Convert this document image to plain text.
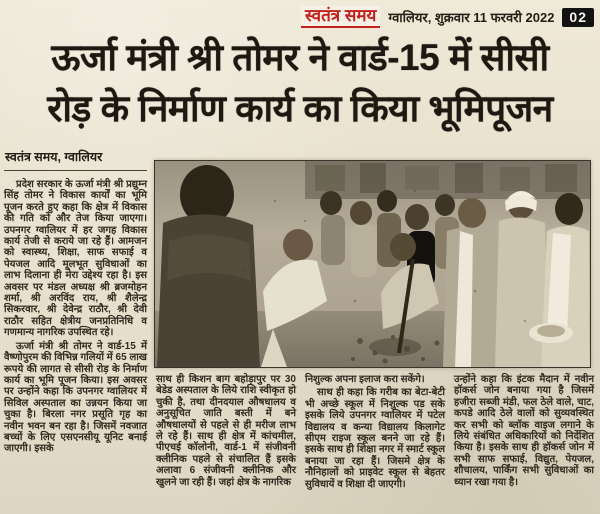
स्वतंत्र समय ग्वालियर, शुक्रवार 11 फरवरी 2022	02
ऊर्जा मंत्री श्री तोमर ने वार्ड-15 में सीसी
रोड़ के निर्माण कार्य का किया भूमिपूजन
स्वतंत्र समय, ग्वालियर

प्रदेश सरकार के ऊर्जा मंत्री श्री प्रद्युम्न सिंह तोमर ने विकास कार्यों का भूमि पूजन करते हुए कहा कि क्षेत्र में विकास की गति को और तेज किया जाएगा। उपनगर ग्वालियर में हर जगह विकास कार्य तेजी से कराये जा रहे हैं। आमजन को स्वास्थ्य, शिक्षा, साफ सफाई व पेयजल आदि मूलभूत सुविधाओं का लाभ दिलाना ही मेरा उद्देश्य रहा है। इस अवसर पर मंडल अध्यक्ष श्री ब्रजमोहन शर्मा, श्री अरविंद राय, श्री शैलेन्द्र सिकरवार, श्री देवेन्द्र राठौर, श्री देवी राठौर सहित क्षेत्रीय जनप्रतिनिधि व गणमान्य नागरिक उपस्थित रहे।

ऊर्जा मंत्री श्री तोमर ने वार्ड-15 में वैष्णोपुरम की विभिन्न गलियों में 65 लाख रूपये की लागत से सीसी रोड़ के निर्माण कार्य का भूमि पूजन किया। इस अवसर पर उन्होंने कहा कि उपनगर ग्वालियर में सिविल अस्पताल का उन्नयन किया जा चुका है। बिरला नगर प्रसूति गृह का नवीन भवन बन रहा है। जिसमें नवजात बच्चों के लिए एसएनसीयू यूनिट बनाई जाएगी। इसके

साथ ही किशन बाग बहोड़ापुर पर 30 बेडेड अस्पताल के लिये राशि स्वीकृत हो चुकी है, तथा दीनदयाल औषधालय व अनुसूचित जाति बस्ती में बने औषधालयों से पहले से ही मरीज लाभ ले रहे हैं। साथ ही क्षेत्र में कांचमील, पीएचई कॉलोनी, वार्ड-1 में संजीवनी क्लीनिक पहले से संचालित हैं इसके अलावा 6 संजीवनी क्लीनिक और खुलने जा रही हैं। जहां क्षेत्र के नागरिक

निशुल्क अपना इलाज करा सकेंगे।

साथ ही कहा कि गरीब का बेटा-बेटी भी अच्छे स्कूल में निशुल्क पड सके इसके लिये उपनगर ग्वालियर में पटेल विद्यालय व कन्या विद्यालय किलागेट सीएम राइज स्कूल बनने जा रहे हैं। इसके साथ ही शिक्षा नगर में स्मार्ट स्कूल बनाया जा रहा हैं। जिसमे क्षेत्र के नौनिहालों को प्राइवेट स्कूल से बेहतर सुविधायें व शिक्षा दी जाएगी।

उन्होंने कहा कि इंटक मैदान में नवीन हॉकर्स जोन बनाया गया है जिसमें हजीरा सब्जी मंडी, फल ठेले वाले, चाट, कपडे आदि ठेले वालों को सुव्यवस्थित कर सभी को ब्लॉक वाइज लगाने के लिये संबंधित अधिकारियों को निर्देशित किया है। इसके साथ ही हॉकर्स जोन में सभी साफ सफाई, विद्युत, पेयजल, शौचालय, पार्किंग सभी सुविधाओं का ध्यान रखा गया है।
